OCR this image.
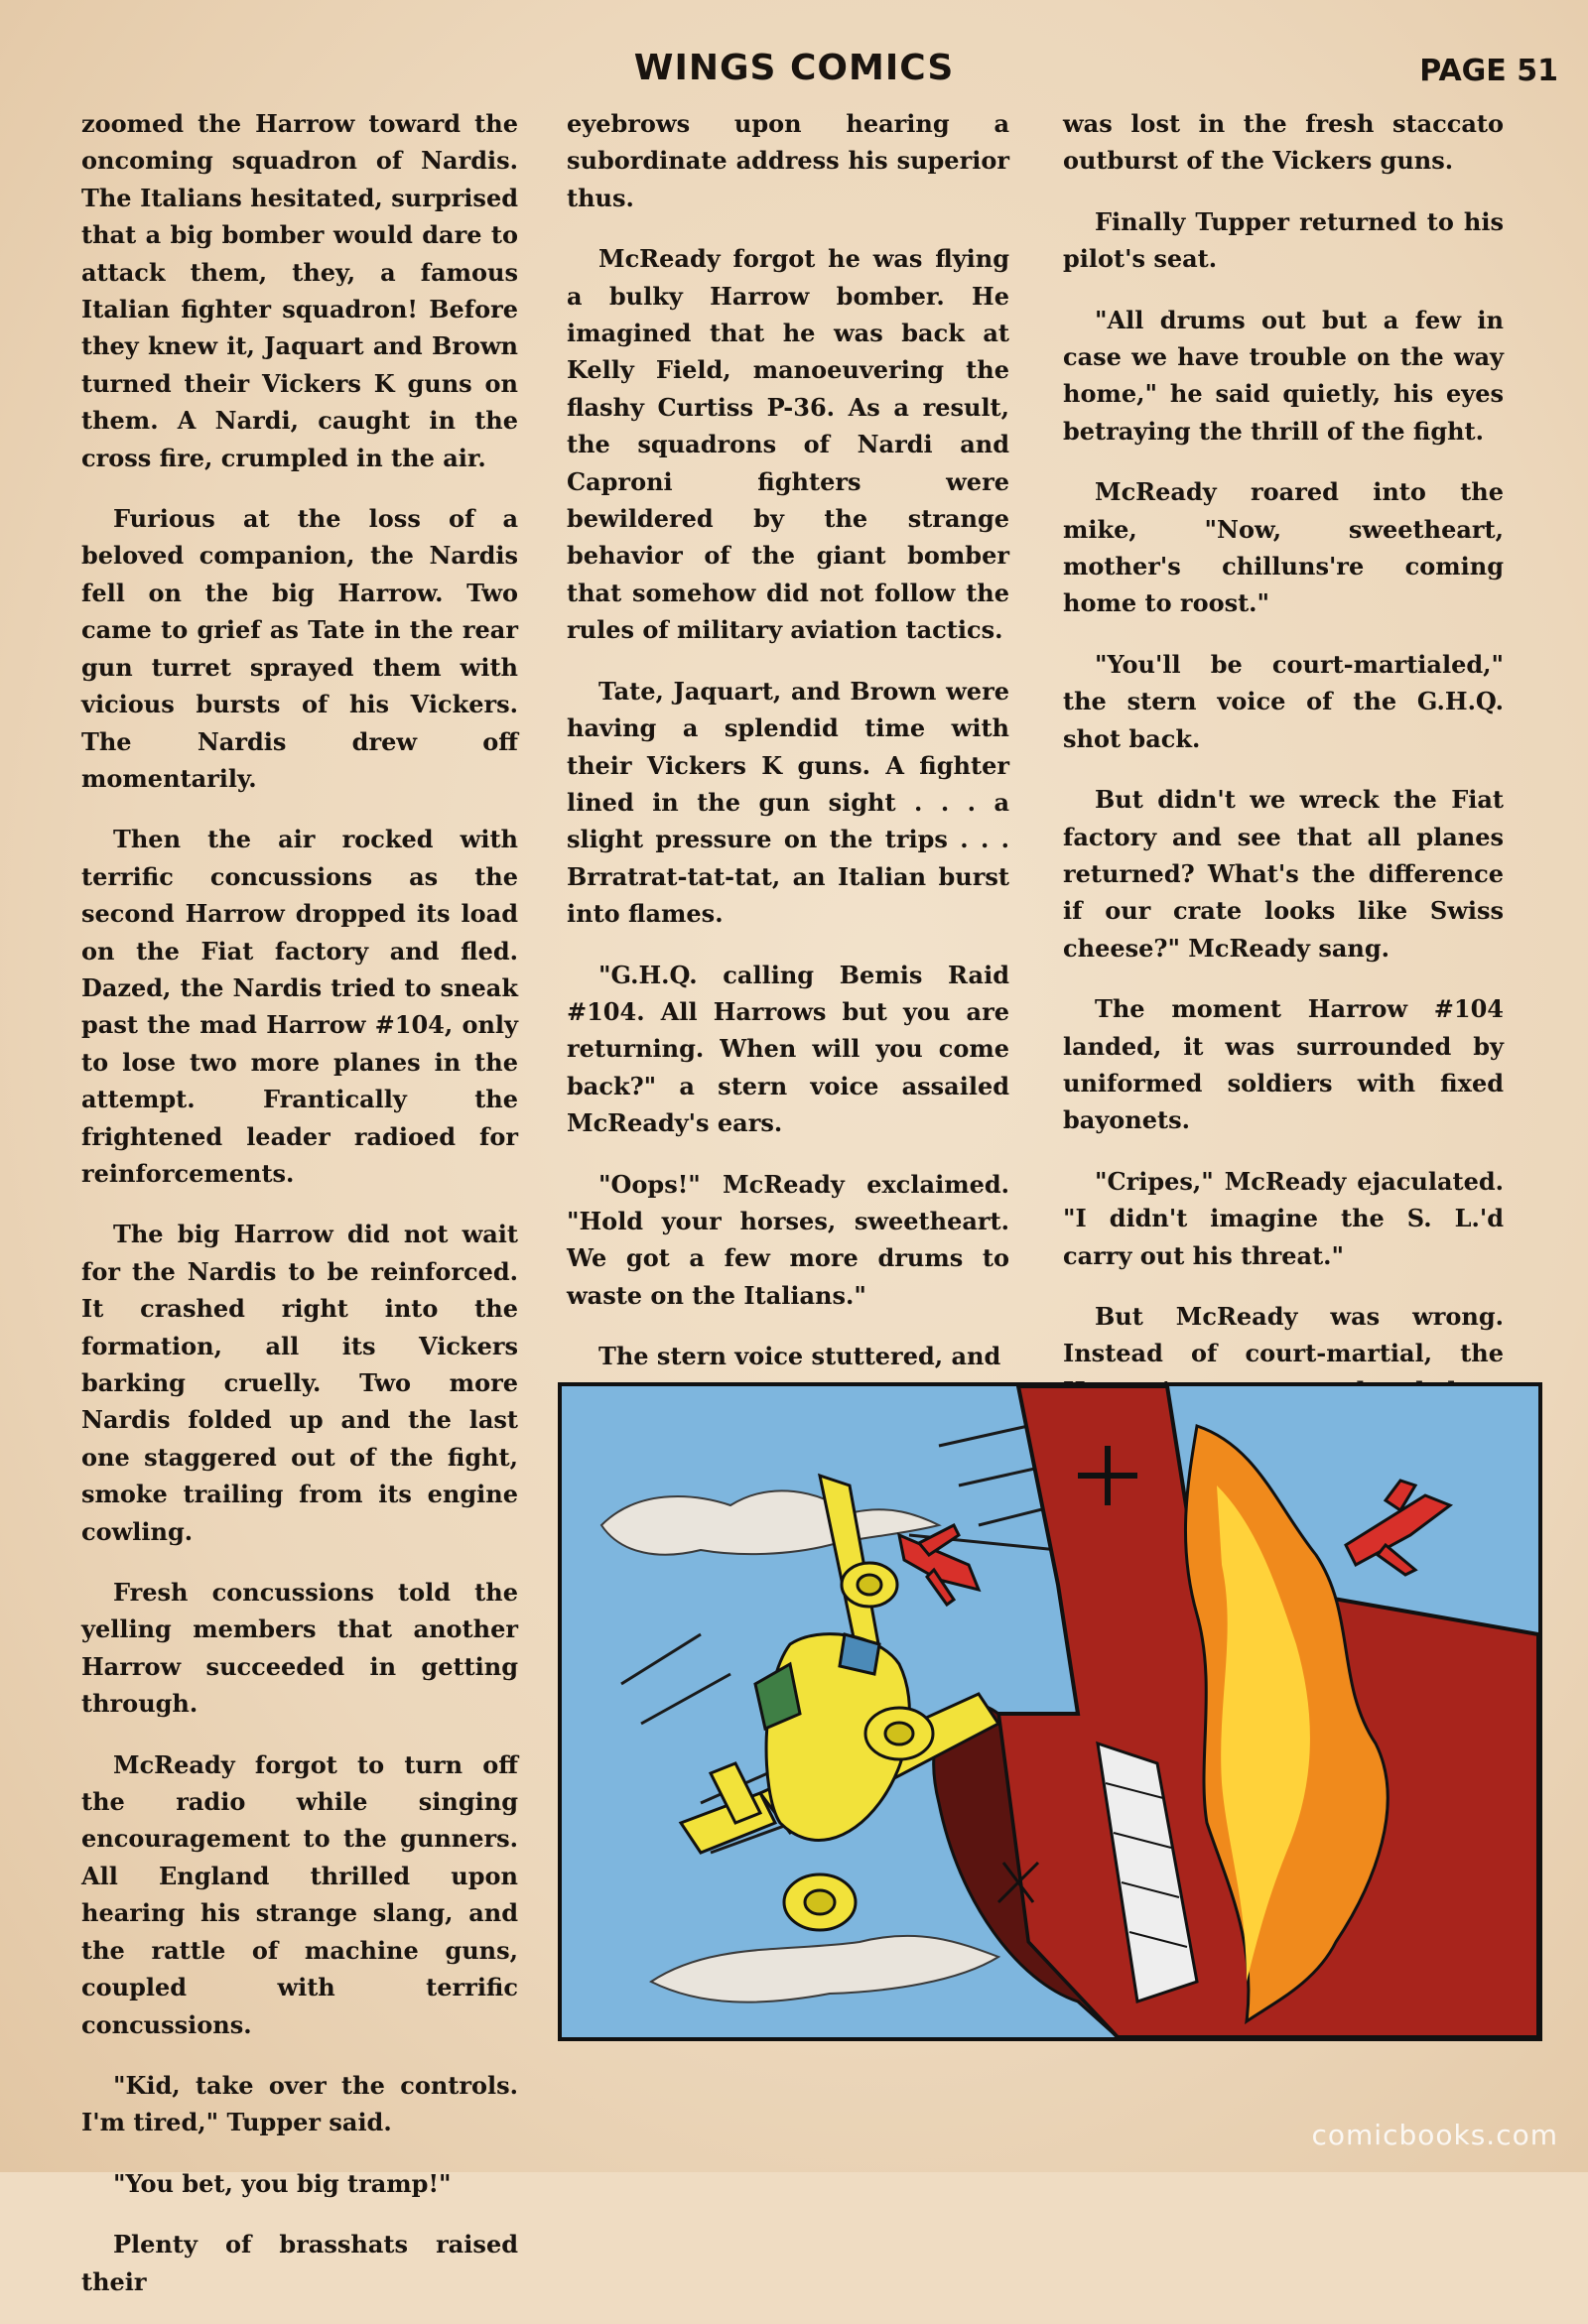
WINGS COMICS	PAGE 51

zoomed the Harrow toward the oncoming squadron of Nardis. The Italians hesitated, surprised that a big bomber would dare to attack them, they, a famous Italian fighter squadron! Before they knew it, Jaquart and Brown turned their Vickers K guns on them. A Nardi, caught in the cross fire, crumpled in the air.

Furious at the loss of a beloved companion, the Nardis fell on the big Harrow. Two came to grief as Tate in the rear gun turret sprayed them with vicious bursts of his Vickers. The Nardis drew off momentarily.

Then the air rocked with terrific concussions as the second Harrow dropped its load on the Fiat factory and fled. Dazed, the Nardis tried to sneak past the mad Harrow #104, only to lose two more planes in the attempt. Frantically the frightened leader radioed for reinforcements.

The big Harrow did not wait for the Nardis to be reinforced. It crashed right into the formation, all its Vickers barking cruelly. Two more Nardis folded up and the last one staggered out of the fight, smoke trailing from its engine cowling.

Fresh concussions told the yelling members that another Harrow succeeded in getting through.

McReady forgot to turn off the radio while singing encouragement to the gunners. All England thrilled upon hearing his strange slang, and the rattle of machine guns, coupled with terrific concussions.

"Kid, take over the controls. I'm tired," Tupper said.

"You bet, you big tramp!"

Plenty of brasshats raised their

eyebrows upon hearing a subordinate address his superior thus.

McReady forgot he was flying a bulky Harrow bomber. He imagined that he was back at Kelly Field, manoeuvering the flashy Curtiss P-36. As a result, the squadrons of Nardi and Caproni fighters were bewildered by the strange behavior of the giant bomber that somehow did not follow the rules of military aviation tactics.

Tate, Jaquart, and Brown were having a splendid time with their Vickers K guns. A fighter lined in the gun sight . . . a slight pressure on the trips . . . Brratrat-tat-tat, an Italian burst into flames.

"G.H.Q. calling Bemis Raid #104. All Harrows but you are returning. When will you come back?" a stern voice assailed McReady's ears.

"Oops!" McReady exclaimed. "Hold your horses, sweetheart. We got a few more drums to waste on the Italians."

The stern voice stuttered, and

was lost in the fresh staccato outburst of the Vickers guns.

Finally Tupper returned to his pilot's seat.

"All drums out but a few in case we have trouble on the way home," he said quietly, his eyes betraying the thrill of the fight.

McReady roared into the mike, "Now, sweetheart, mother's chilluns're coming home to roost."

"You'll be court-martialed," the stern voice of the G.H.Q. shot back.

But didn't we wreck the Fiat factory and see that all planes returned? What's the difference if our crate looks like Swiss cheese?" McReady sang.

The moment Harrow #104 landed, it was surrounded by uniformed soldiers with fixed bayonets.

"Cripes," McReady ejaculated. "I didn't imagine the S. L.'d carry out his threat."

But McReady was wrong. Instead of court-martial, the

comicbooks.com
